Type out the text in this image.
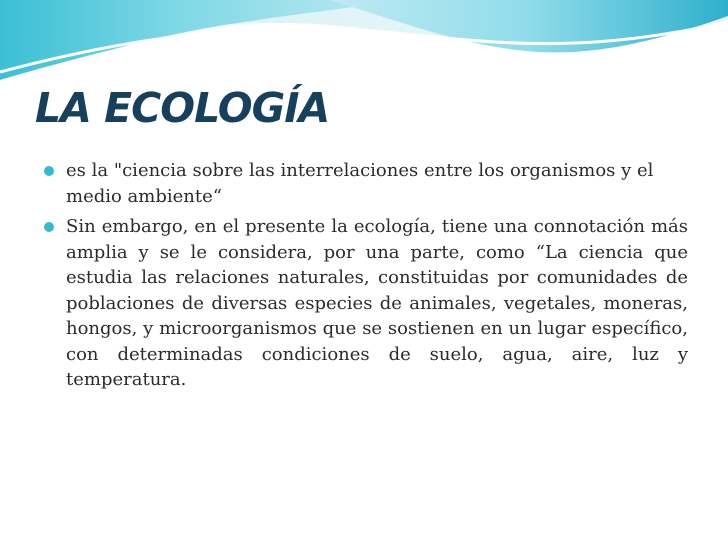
LA ECOLOGÍA
es la "ciencia sobre las interrelaciones entre los organismos y el medio ambiente“
Sin embargo, en el presente la ecología, tiene una connotación más amplia y se le considera, por una parte, como “La ciencia que estudia las relaciones naturales, constituidas por comunidades de poblaciones de diversas especies de animales, vegetales, moneras, hongos, y microorganismos que se sostienen en un lugar específico, con determinadas condiciones de suelo, agua, aire, luz y temperatura.
